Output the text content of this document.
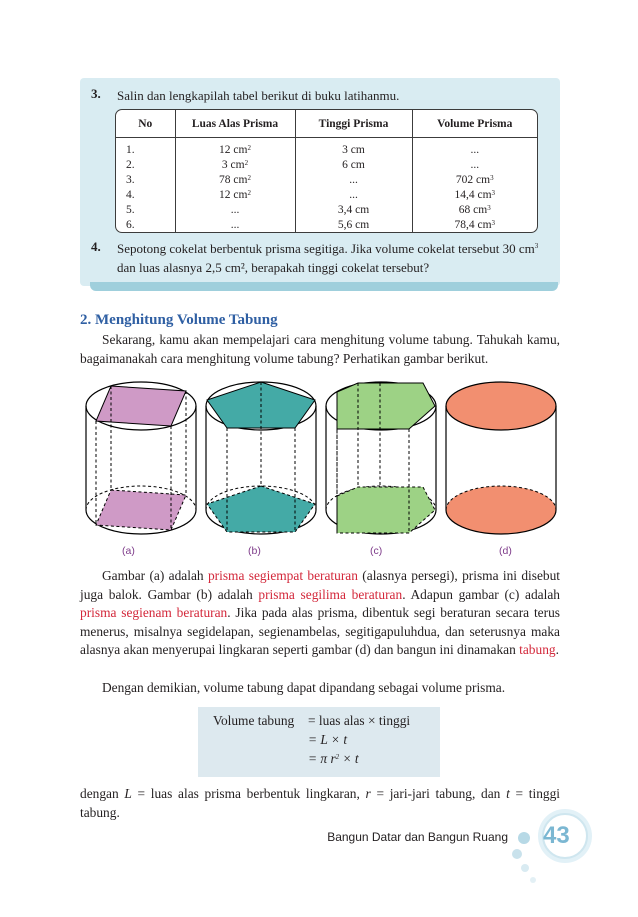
3. Salin dan lengkapilah tabel berikut di buku latihanmu.
No	Luas Alas Prisma	Tinggi Prisma	Volume Prisma
1.	12 $cm^2$	3 cm	...
2.	3 $cm^2$	6 cm	...
3.	78 $cm^2$	...	702 $cm^3$
4.	12 $cm^2$	...	14,4 $cm^3$
5.	...	3,4 cm	68 $cm^3$
6.	...	5,6 cm	78,4 $cm^3$
4. Sepotong cokelat berbentuk prisma segitiga. Jika volume cokelat tersebut 30 $cm^3$
dan luas alasnya 2,5 cm², berapakah tinggi cokelat tersebut?
2. Menghitung Volume Tabung
Sekarang, kamu akan mempelajari cara menghitung volume tabung. Tahukah kamu, bagaimanakah cara menghitung volume tabung? Perhatikan gambar berikut.
(a)	(b)	(c)	(d)
Gambar (a) adalah prisma segiempat beraturan (alasnya persegi), prisma ini disebut juga balok. Gambar (b) adalah prisma segilima beraturan. Adapun gambar (c) adalah prisma segienam beraturan. Jika pada alas prisma, dibentuk segi beraturan secara terus menerus, misalnya segidelapan, segienambelas, segitigapuluhdua, dan seterusnya maka alasnya akan menyerupai lingkaran seperti gambar (d) dan bangun ini dinamakan tabung.
Dengan demikian, volume tabung dapat dipandang sebagai volume prisma.
Volume tabung = luas alas × tinggi
= L × t
= π $r^2 \times t$
dengan L = luas alas prisma berbentuk lingkaran, r = jari-jari tabung, dan t = tinggi tabung.
Bangun Datar dan Bangun Ruang 43
